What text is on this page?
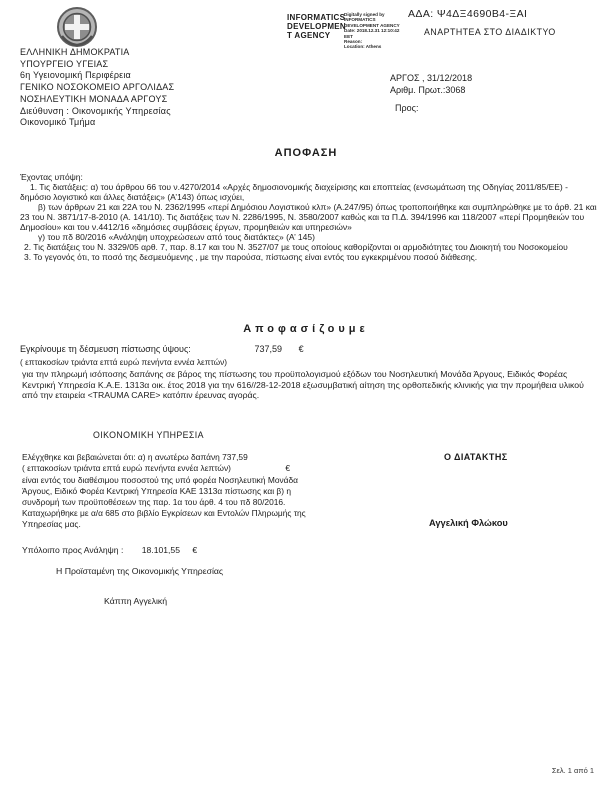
ΕΛΛΗΝΙΚΗ ΔΗΜΟΚΡΑΤΙΑ
ΥΠΟΥΡΓΕΙΟ ΥΓΕΙΑΣ
6η Υγειονομική Περιφέρεια
ΓΕΝΙΚΟ ΝΟΣΟΚΟΜΕΙΟ ΑΡΓΟΛΙΔΑΣ
ΝΟΣΗΛΕΥΤΙΚΗ ΜΟΝΑΔΑ ΑΡΓΟΥΣ
Διεύθυνση : Οικονομικής Υπηρεσίας
Οικονομικό Τμήμα
INFORMATICS
DEVELOPMEN
T AGENCY
Digitally signed by
INFORMATICS
DEVELOPMENT AGENCY
Date: 2018.12.31 12:10:42
EET
Reason:
Location: Athens
ΑΔΑ: Ψ4ΔΞ4690Β4-ΞΑΙ
ΑΝΑΡΤΗΤΕΑ ΣΤΟ ΔΙΑΔΙΚΤΥΟ
ΑΡΓΟΣ , 31/12/2018
Αριθμ. Πρωτ.:3068
Προς:
ΑΠΟΦΑΣΗ

Έχοντας υπόψη:

1. Τις διατάξεις: α) του άρθρου 66 του ν.4270/2014 «Αρχές δημοσιονομικής διαχείρισης και εποπτείας (ενσωμάτωση της Οδηγίας 2011/85/ΕΕ) - δημόσιο λογιστικό και άλλες διατάξεις» (Α’143) όπως ισχύει,

β) των άρθρων 21 και 22Α του Ν. 2362/1995 «περί Δημόσιου Λογιστικού κλπ» (Α.247/95) όπως τροποποιήθηκε και συμπληρώθηκε με το άρθ. 21 και 23 του Ν. 3871/17-8-2010 (Α. 141/10). Τις διατάξεις των Ν. 2286/1995, Ν. 3580/2007 καθώς και τα Π.Δ. 394/1996 και 118/2007 «περί Προμηθειών του Δημοσίου» και του ν.4412/16 «δημόσιες συμβάσεις έργων, προμηθειών και υπηρεσιών»

γ) του πδ 80/2016 «Ανάληψη υποχρεώσεων από τους διατάκτες» (Α’ 145)

2. Τις διατάξεις του Ν. 3329/05 αρθ. 7, παρ. 8.17 και του Ν. 3527/07 με τους οποίους καθορίζονται οι αρμοδιότητες του Διοικητή του Νοσοκομείου

3. Το γεγονός ότι, το ποσό της δεσμευόμενης , με την παρούσα, πίστωσης είναι εντός του εγκεκριμένου ποσού διάθεσης.

Αποφασίζουμε
Εγκρίνουμε τη δέσμευση πίστωσης ύψους:	737,59 €
( επτακοσίων τριάντα επτά ευρώ πενήντα εννέα λεπτών)
για την πληρωμή ισόποσης δαπάνης σε βάρος της πίστωσης του προϋπολογισμού εξόδων του Νοσηλευτική Μονάδα Άργους, Ειδικός Φορέας Κεντρική Υπηρεσία Κ.Α.Ε. 1313α οικ. έτος 2018 για την 616//28-12-2018 εξωσυμβατική αίτηση της ορθοπεδικής κλινικής για την προμήθεια υλικού από την εταιρεία <TRAUMA CARE> κατόπιν έρευνας αγοράς.
ΟΙΚΟΝΟΜΙΚΗ ΥΠΗΡΕΣΙΑ
Ελέγχθηκε και βεβαιώνεται ότι: α) η ανωτέρω δαπάνη 737,59
( επτακοσίων τριάντα επτά ευρώ πενήντα εννέα λεπτών)	€
είναι εντός του διαθέσιμου ποσοστού της υπό φορέα Νοσηλευτική Μονάδα Άργους, Ειδικό Φορέα Κεντρική Υπηρεσία ΚΑΕ 1313α πίστωσης και β) η συνδρομή των προϋποθέσεων της παρ. 1α του άρθ. 4 του πδ 80/2016.
Καταχωρήθηκε με α/α 685 στο βιβλίο Εγκρίσεων και Εντολών Πληρωμής της Υπηρεσίας μας.
Υπόλοιπο προς Ανάληψη : 18.101,55 €
Ο ΔΙΑΤΑΚΤΗΣ
Αγγελική Φλώκου
Η Προϊσταμένη της Οικονομικής Υπηρεσίας
Κάππη Αγγελική
Σελ. 1 από 1
